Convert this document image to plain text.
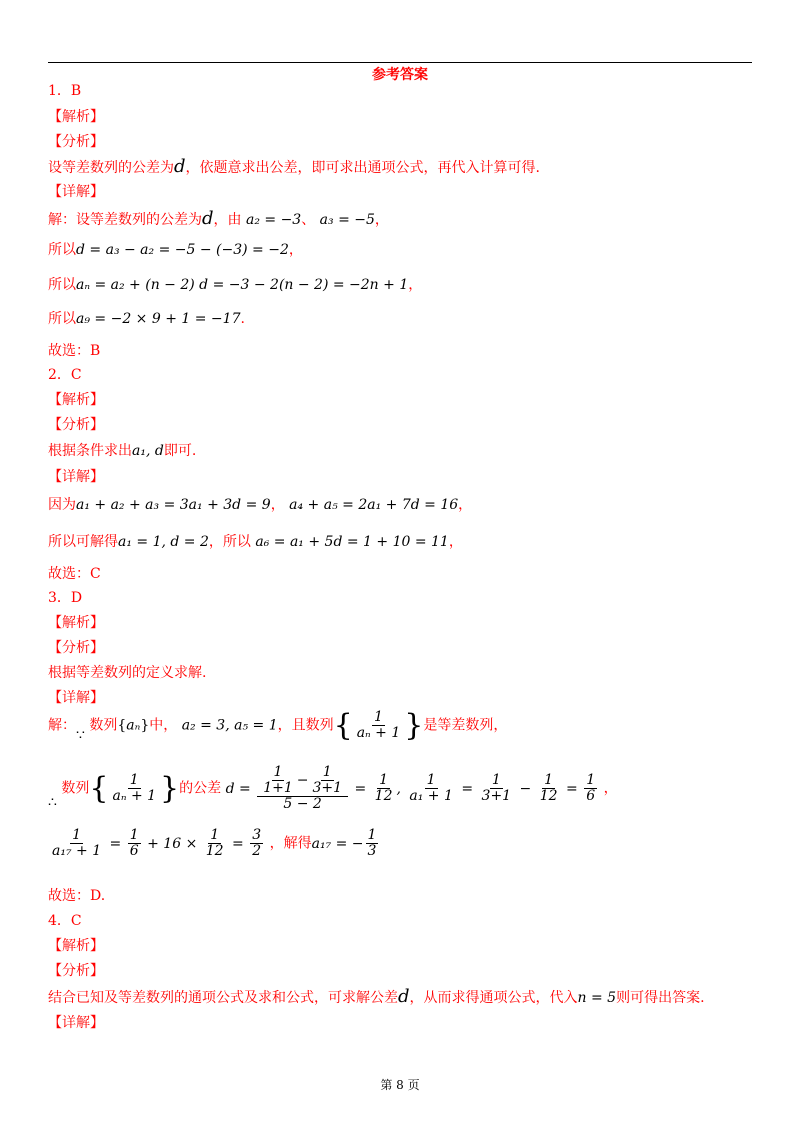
参考答案
1．B
【解析】
【分析】
设等差数列的公差为d，依题意求出公差，即可求出通项公式，再代入计算可得.
【详解】
解：设等差数列的公差为d，由 a₂ = −3、 a₃ = −5，
所以d = a₃ − a₂ = −5 − (−3) = −2，
所以aₙ = a₂ + (n − 2) d = −3 − 2(n − 2) = −2n + 1，
所以a₉ = −2 × 9 + 1 = −17.
故选：B
2．C
【解析】
【分析】
根据条件求出a₁, d即可.
【详解】
因为a₁ + a₂ + a₃ = 3a₁ + 3d = 9， a₄ + a₅ = 2a₁ + 7d = 16，
所以可解得a₁ = 1, d = 2，所以 a₆ = a₁ + 5d = 1 + 10 = 11，
故选：C
3．D
【解析】
【分析】
根据等差数列的定义求解.
【详解】
解：∵ 数列{aₙ}中， a₂ = 3, a₅ = 1，且数列{ $\frac{1}{\text{aₙ + 1}}$ }是等差数列，
∴ 数列{ $\frac{1}{\text{aₙ + 1}}$ }的公差 $d = \frac{\frac{1}{1+1} - \frac{1}{3+1}}{5 - 2} = \frac{1}{12}$ , $\frac{1}{\text{a₁ + 1}} = \frac{1}{3+1} - \frac{1}{12} = \frac{1}{6}$ ，
$\frac{1}{\text{a₁₇ + 1}} = \frac{1}{6} + 16 \times \frac{1}{12} = \frac{3}{2}$ ，解得a₁₇ = − $\frac{1}{3}$
故选：D.
4．C
【解析】
【分析】
结合已知及等差数列的通项公式及求和公式，可求解公差d，从而求得通项公式，代入n = 5则可得出答案.
【详解】
第 8 页
